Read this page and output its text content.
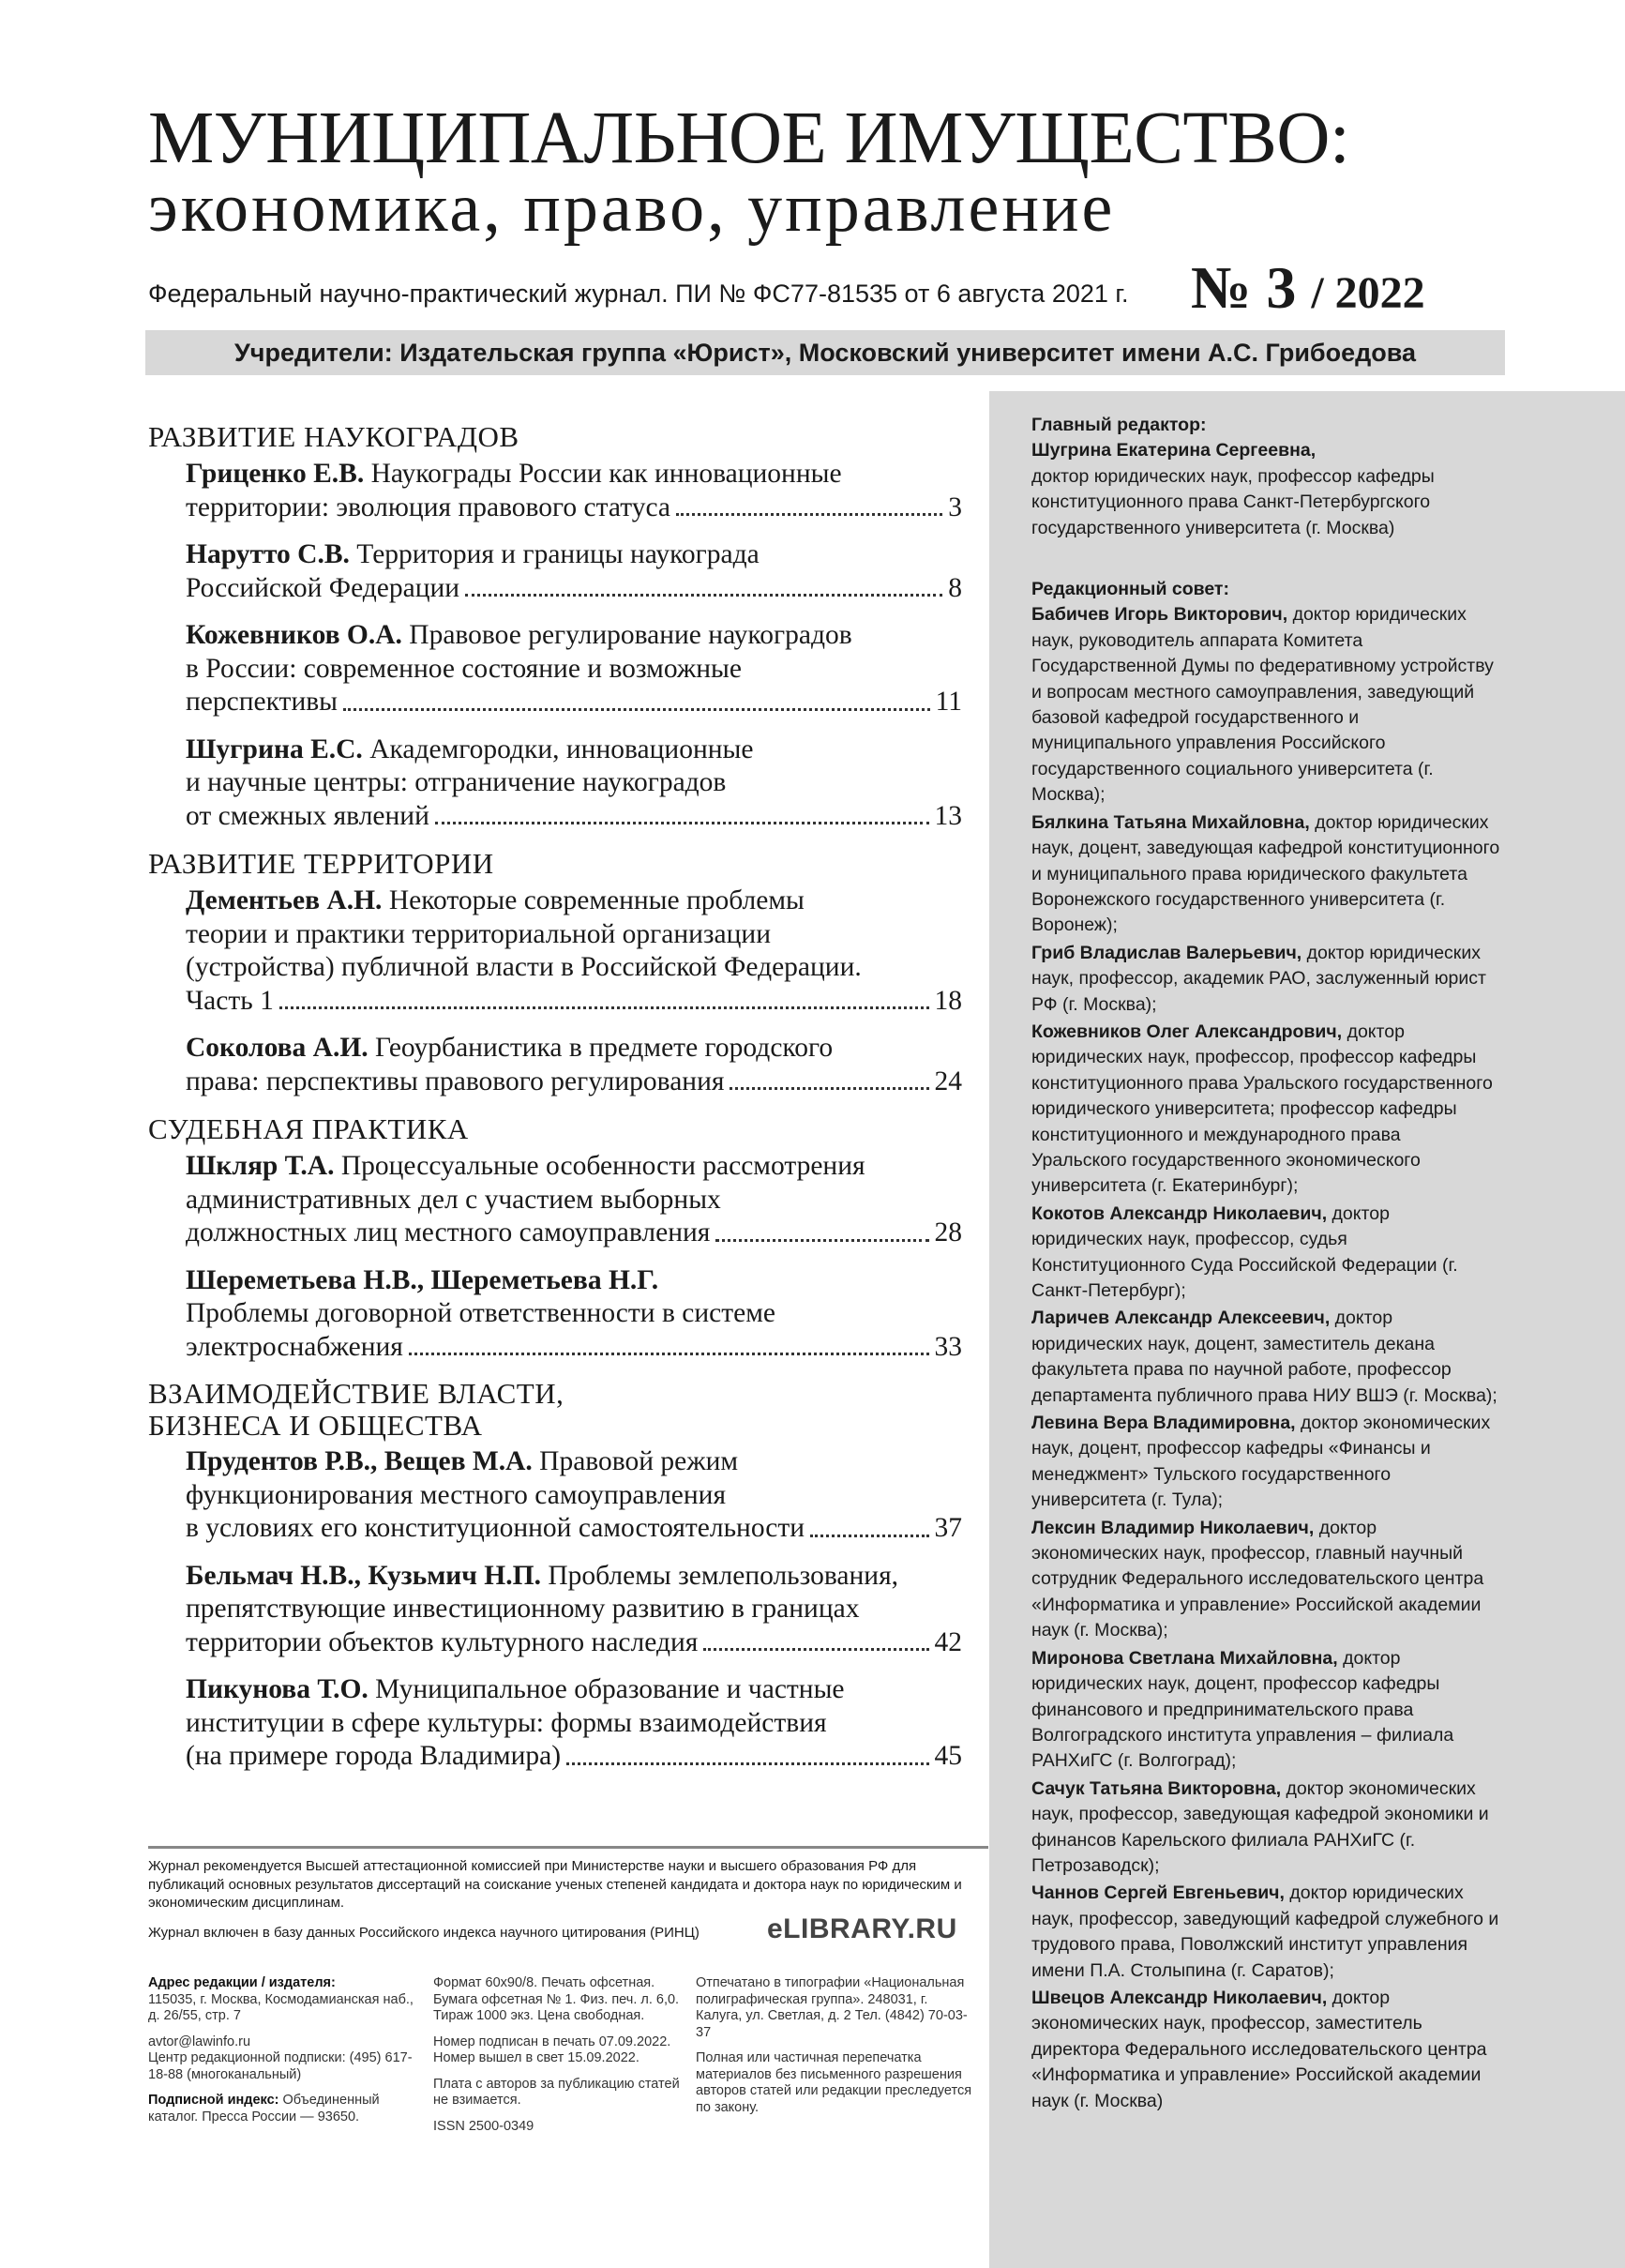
МУНИЦИПАЛЬНОЕ ИМУЩЕСТВО:
экономика, право, управление
Федеральный научно-практический журнал. ПИ № ФС77-81535 от 6 августа 2021 г. № 3 / 2022
Учредители: Издательская группа «Юрист», Московский университет имени А.С. Грибоедова

Главный редактор:

Шугрина Екатерина Сергеевна,

доктор юридических наук, профессор кафедры конституционного права Санкт-Петербургского государственного университета (г. Москва)

Редакционный совет:

Бабичев Игорь Викторович, доктор юридических наук, руководитель аппарата Комитета Государственной Думы по федеративному устройству и вопросам местного самоуправления, заведующий базовой кафедрой государственного и муниципального управления Российского государственного социального университета (г. Москва);

Бялкина Татьяна Михайловна, доктор юридических наук, доцент, заведующая кафедрой конституционного и муниципального права юридического факультета Воронежского государственного университета (г. Воронеж);

Гриб Владислав Валерьевич, доктор юридических наук, профессор, академик РАО, заслуженный юрист РФ (г. Москва);

Кожевников Олег Александрович, доктор юридических наук, профессор, профессор кафедры конституционного права Уральского государственного юридического университета; профессор кафедры конституционного и международного права Уральского государственного экономического университета (г. Екатеринбург);

Кокотов Александр Николаевич, доктор юридических наук, профессор, судья Конституционного Суда Российской Федерации (г. Санкт-Петербург);

Ларичев Александр Алексеевич, доктор юридических наук, доцент, заместитель декана факультета права по научной работе, профессор департамента публичного права НИУ ВШЭ (г. Москва);

Левина Вера Владимировна, доктор экономических наук, доцент, профессор кафедры «Финансы и менеджмент» Тульского государственного университета (г. Тула);

Лексин Владимир Николаевич, доктор экономических наук, профессор, главный научный сотрудник Федерального исследовательского центра «Информатика и управление» Российской академии наук (г. Москва);

Миронова Светлана Михайловна, доктор юридических наук, доцент, профессор кафедры финансового и предпринимательского права Волгоградского института управления – филиала РАНХиГС (г. Волгоград);

Сачук Татьяна Викторовна, доктор экономических наук, профессор, заведующая кафедрой экономики и финансов Карельского филиала РАНХиГС (г. Петрозаводск);

Чаннов Сергей Евгеньевич, доктор юридических наук, профессор, заведующий кафедрой служебного и трудового права, Поволжский институт управления имени П.А. Столыпина (г. Саратов);

Швецов Александр Николаевич, доктор экономических наук, профессор, заместитель директора Федерального исследовательского центра «Информатика и управление» Российской академии наук (г. Москва)

РАЗВИТИЕ НАУКОГРАДОВ
Гриценко Е.В. Наукограды России как инновационные
территории: эволюция правового статуса	3
Нарутто С.В. Территория и границы наукограда
Российской Федерации	8
Кожевников О.А. Правовое регулирование наукоградов
в России: современное состояние и возможные
перспективы	11
Шугрина Е.С. Академгородки, инновационные
и научные центры: отграничение наукоградов
от смежных явлений	13
РАЗВИТИЕ ТЕРРИТОРИИ
Дементьев А.Н. Некоторые современные проблемы
теории и практики территориальной организации
(устройства) публичной власти в Российской Федерации.
Часть 1	18
Соколова А.И. Геоурбанистика в предмете городского
права: перспективы правового регулирования	24
СУДЕБНАЯ ПРАКТИКА
Шкляр Т.А. Процессуальные особенности рассмотрения
административных дел с участием выборных
должностных лиц местного самоуправления	28
Шереметьева Н.В., Шереметьева Н.Г.
Проблемы договорной ответственности в системе
электроснабжения	33
ВЗАИМОДЕЙСТВИЕ ВЛАСТИ, БИЗНЕСА И ОБЩЕСТВА
Прудентов Р.В., Вещев М.А. Правовой режим
функционирования местного самоуправления
в условиях его конституционной самостоятельности	37
Бельмач Н.В., Кузьмич Н.П. Проблемы землепользования,
препятствующие инвестиционному развитию в границах
территории объектов культурного наследия	42
Пикунова Т.О. Муниципальное образование и частные
институции в сфере культуры: формы взаимодействия
(на примере города Владимира)	45
Журнал рекомендуется Высшей аттестационной комиссией при Министерстве науки и высшего образования РФ для публикаций основных результатов диссертаций на соискание ученых степеней кандидата и доктора наук по юридическим и экономическим дисциплинам.
Журнал включен в базу данных Российского индекса научного цитирования (РИНЦ) eLIBRARY.RU

Адрес редакции / издателя:
115035, г. Москва, Космодамианская наб., д. 26/55, стр. 7

avtor@lawinfo.ru
Центр редакционной подписки: (495) 617-18-88 (многоканальный)

Подписной индекс: Объединенный каталог. Пресса России — 93650.

Формат 60х90/8. Печать офсетная. Бумага офсетная № 1. Физ. печ. л. 6,0. Тираж 1000 экз. Цена свободная.

Номер подписан в печать 07.09.2022. Номер вышел в свет 15.09.2022.

Плата с авторов за публикацию статей не взимается.

ISSN 2500-0349

Отпечатано в типографии «Национальная полиграфическая группа». 248031, г. Калуга, ул. Светлая, д. 2 Тел. (4842) 70-03-37

Полная или частичная перепечатка материалов без письменного разрешения авторов статей или редакции преследуется по закону.
